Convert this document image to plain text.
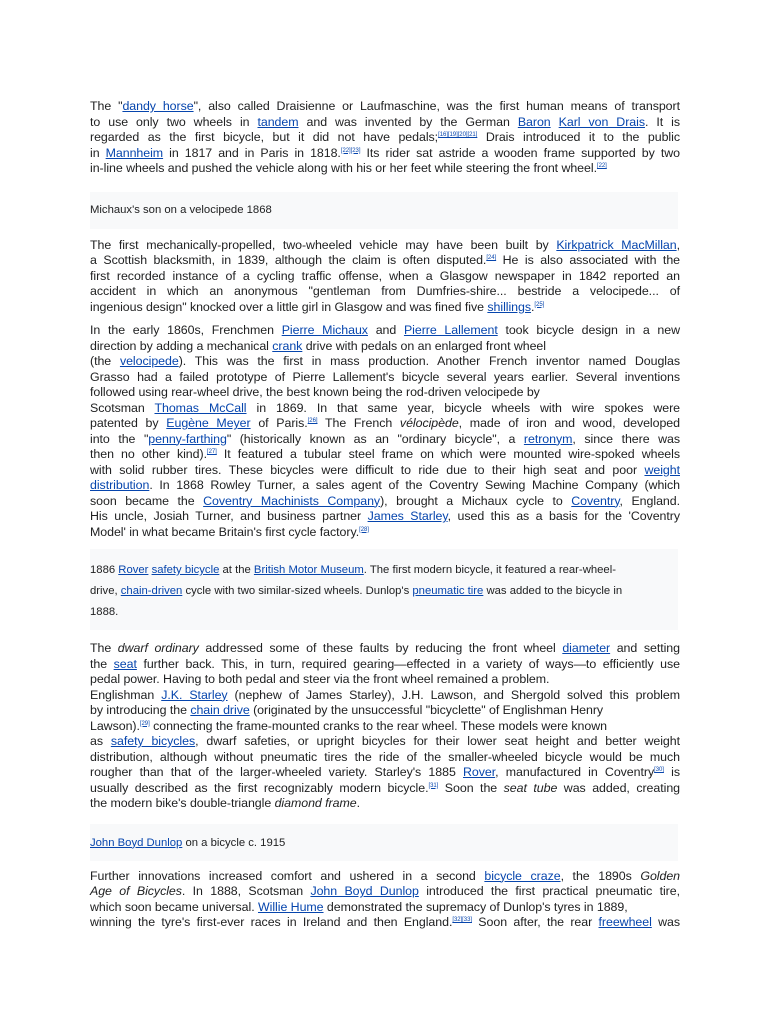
The "dandy horse", also called Draisienne or Laufmaschine, was the first human means of transport
to use only two wheels in tandem and was invented by the German Baron Karl von Drais. It is
regarded as the first bicycle, but it did not have pedals;[16][19][20][21] Drais introduced it to the public
in Mannheim in 1817 and in Paris in 1818.[22][23] Its rider sat astride a wooden frame supported by two
in-line wheels and pushed the vehicle along with his or her feet while steering the front wheel.[22]

Michaux's son on a velocipede 1868

The first mechanically-propelled, two-wheeled vehicle may have been built by Kirkpatrick MacMillan,
a Scottish blacksmith, in 1839, although the claim is often disputed.[24] He is also associated with the
first recorded instance of a cycling traffic offense, when a Glasgow newspaper in 1842 reported an
accident in which an anonymous "gentleman from Dumfries-shire... bestride a velocipede... of
ingenious design" knocked over a little girl in Glasgow and was fined five shillings.[25]

In the early 1860s, Frenchmen Pierre Michaux and Pierre Lallement took bicycle design in a new
direction by adding a mechanical crank drive with pedals on an enlarged front wheel
(the velocipede). This was the first in mass production. Another French inventor named Douglas
Grasso had a failed prototype of Pierre Lallement's bicycle several years earlier. Several inventions
followed using rear-wheel drive, the best known being the rod-driven velocipede by
Scotsman Thomas McCall in 1869. In that same year, bicycle wheels with wire spokes were
patented by Eugène Meyer of Paris.[26] The French vélocipède, made of iron and wood, developed
into the "penny-farthing" (historically known as an "ordinary bicycle", a retronym, since there was
then no other kind).[27] It featured a tubular steel frame on which were mounted wire-spoked wheels
with solid rubber tires. These bicycles were difficult to ride due to their high seat and poor weight
distribution. In 1868 Rowley Turner, a sales agent of the Coventry Sewing Machine Company (which
soon became the Coventry Machinists Company), brought a Michaux cycle to Coventry, England.
His uncle, Josiah Turner, and business partner James Starley, used this as a basis for the 'Coventry
Model' in what became Britain's first cycle factory.[28]

1886 Rover safety bicycle at the British Motor Museum. The first modern bicycle, it featured a rear-wheel-
drive, chain-driven cycle with two similar-sized wheels. Dunlop's pneumatic tire was added to the bicycle in
1888.

The dwarf ordinary addressed some of these faults by reducing the front wheel diameter and setting
the seat further back. This, in turn, required gearing—effected in a variety of ways—to efficiently use
pedal power. Having to both pedal and steer via the front wheel remained a problem.
Englishman J.K. Starley (nephew of James Starley), J.H. Lawson, and Shergold solved this problem
by introducing the chain drive (originated by the unsuccessful "bicyclette" of Englishman Henry
Lawson).[29] connecting the frame-mounted cranks to the rear wheel. These models were known
as safety bicycles, dwarf safeties, or upright bicycles for their lower seat height and better weight
distribution, although without pneumatic tires the ride of the smaller-wheeled bicycle would be much
rougher than that of the larger-wheeled variety. Starley's 1885 Rover, manufactured in Coventry[30] is
usually described as the first recognizably modern bicycle.[31] Soon the seat tube was added, creating
the modern bike's double-triangle diamond frame.

John Boyd Dunlop on a bicycle c. 1915

Further innovations increased comfort and ushered in a second bicycle craze, the 1890s Golden
Age of Bicycles. In 1888, Scotsman John Boyd Dunlop introduced the first practical pneumatic tire,
which soon became universal. Willie Hume demonstrated the supremacy of Dunlop's tyres in 1889,
winning the tyre's first-ever races in Ireland and then England.[32][33] Soon after, the rear freewheel was
